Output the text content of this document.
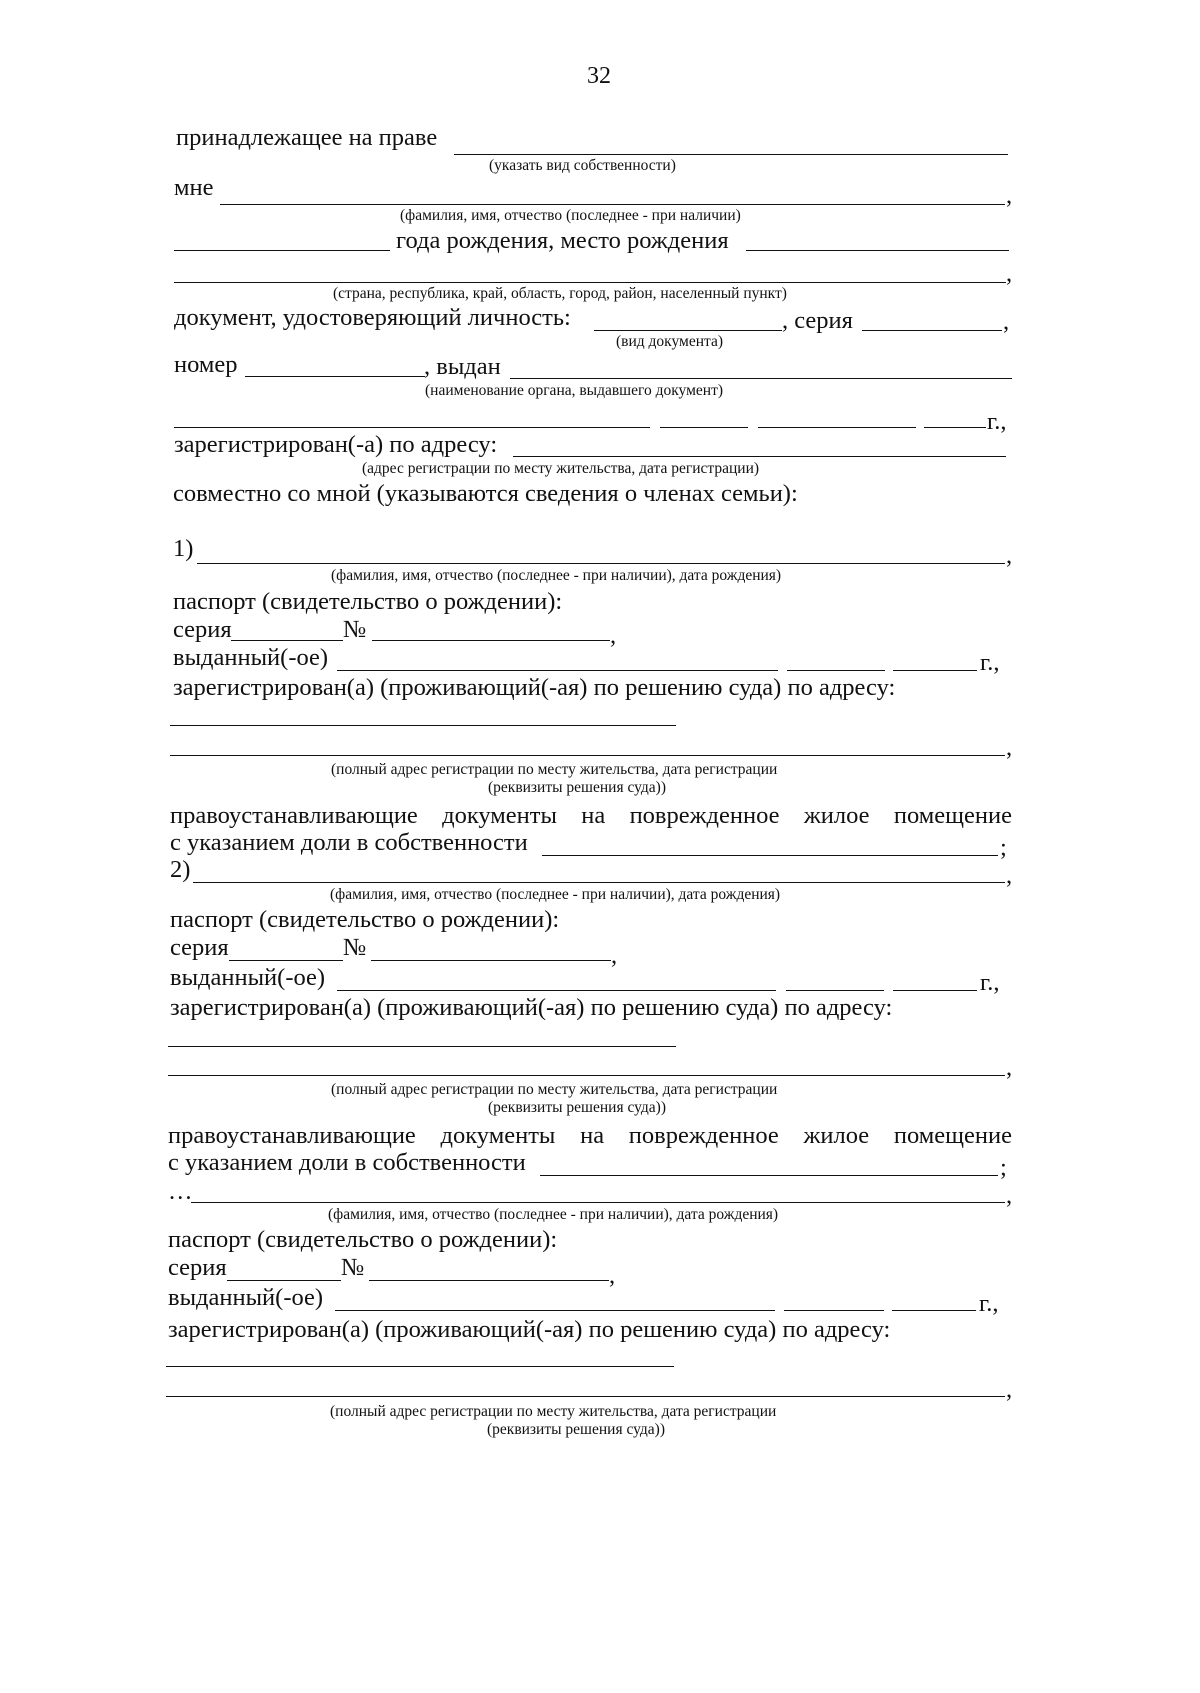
32
принадлежащее на праве
(указать вид собственности)
мне	,
(фамилия, имя, отчество (последнее - при наличии)
года рождения, место рождения
,
(страна, республика, край, область, город, район, населенный пункт)
документ, удостоверяющий личность:	, серия	,
(вид документа)
номер	, выдан
(наименование органа, выдавшего документ)
г.,
зарегистрирован(-а) по адресу:
(адрес регистрации по месту жительства, дата регистрации)
совместно со мной (указываются сведения о членах семьи):
1)	,
(фамилия, имя, отчество (последнее - при наличии), дата рождения)
паспорт (свидетельство о рождении):
серия	№	,
выданный(-ое)	г.,
зарегистрирован(а) (проживающий(-ая) по решению суда) по адресу:
,
(полный адрес регистрации по месту жительства, дата регистрации
(реквизиты решения суда))
правоустанавливающие документы на поврежденное жилое помещение
с указанием доли в собственности	;
2)	,
(фамилия, имя, отчество (последнее - при наличии), дата рождения)
паспорт (свидетельство о рождении):
серия	№	,
выданный(-ое)	г.,
зарегистрирован(а) (проживающий(-ая) по решению суда) по адресу:
,
(полный адрес регистрации по месту жительства, дата регистрации
(реквизиты решения суда))
правоустанавливающие документы на поврежденное жилое помещение
с указанием доли в собственности	;
…	,
(фамилия, имя, отчество (последнее - при наличии), дата рождения)
паспорт (свидетельство о рождении):
серия	№	,
выданный(-ое)	г.,
зарегистрирован(а) (проживающий(-ая) по решению суда) по адресу:
,
(полный адрес регистрации по месту жительства, дата регистрации
(реквизиты решения суда))
